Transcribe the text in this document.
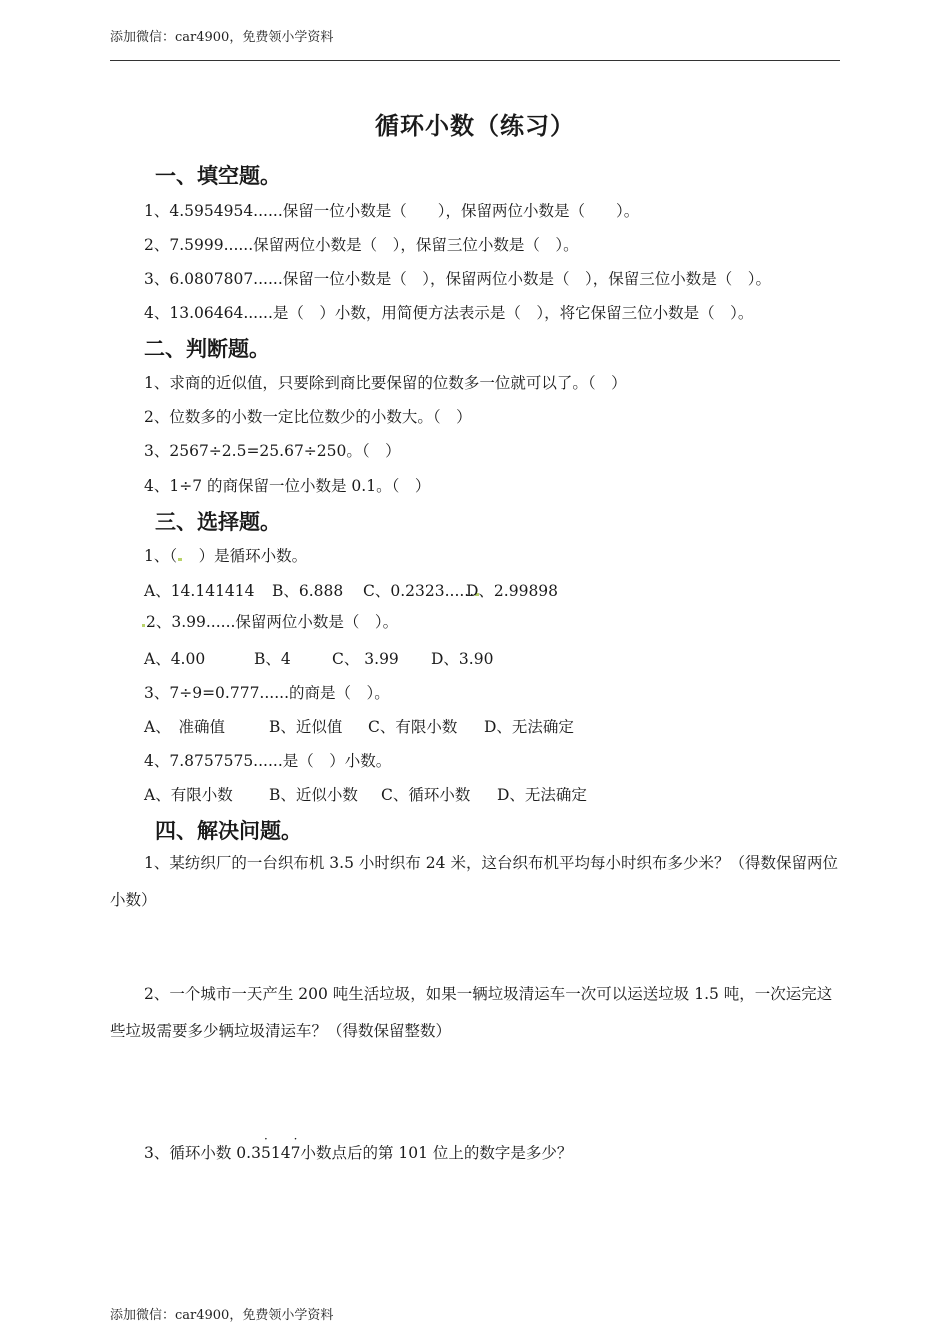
添加微信：car4900，免费领小学资料
循环小数（练习）
一、填空题。
1、4.5954954......保留一位小数是（　　），保留两位小数是（　　）。
2、7.5999......保留两位小数是（　），保留三位小数是（　）。
3、6.0807807......保留一位小数是（　），保留两位小数是（　），保留三位小数是（　）。
4、13.06464......是（　）小数，用简便方法表示是（　），将它保留三位小数是（　）。
二、判断题。
1、求商的近似值，只要除到商比要保留的位数多一位就可以了。（　）
2、位数多的小数一定比位数少的小数大。（　）
3、2567÷2.5=25.67÷250。（　）
4、1÷7 的商保留一位小数是 0.1。（　）
三、选择题。
1、（　）是循环小数。
A、14.141414 B、6.888 C、0.2323......D、2.99898
2、3.99......保留两位小数是（　）。
A、4.00	B、4	C、 3.99 D、3.90
3、7÷9=0.777......的商是（　）。
A、　准确值	B、近似值 C、有限小数 D、无法确定
4、7.8757575......是（　）小数。
A、有限小数 B、近似小数 C、循环小数 D、无法确定
四、解决问题。
1、某纺织厂的一台织布机 3.5 小时织布 24 米，这台织布机平均每小时织布多少米？（得数保留两位小数）
2、一个城市一天产生 200 吨生活垃圾，如果一辆垃圾清运车一次可以运送垃圾 1.5 吨，一次运完这些垃圾需要多少辆垃圾清运车？（得数保留整数）
3、循环小数 0.35 ·147 ·小数点后的第 101 位上的数字是多少？
添加微信：car4900，免费领小学资料
